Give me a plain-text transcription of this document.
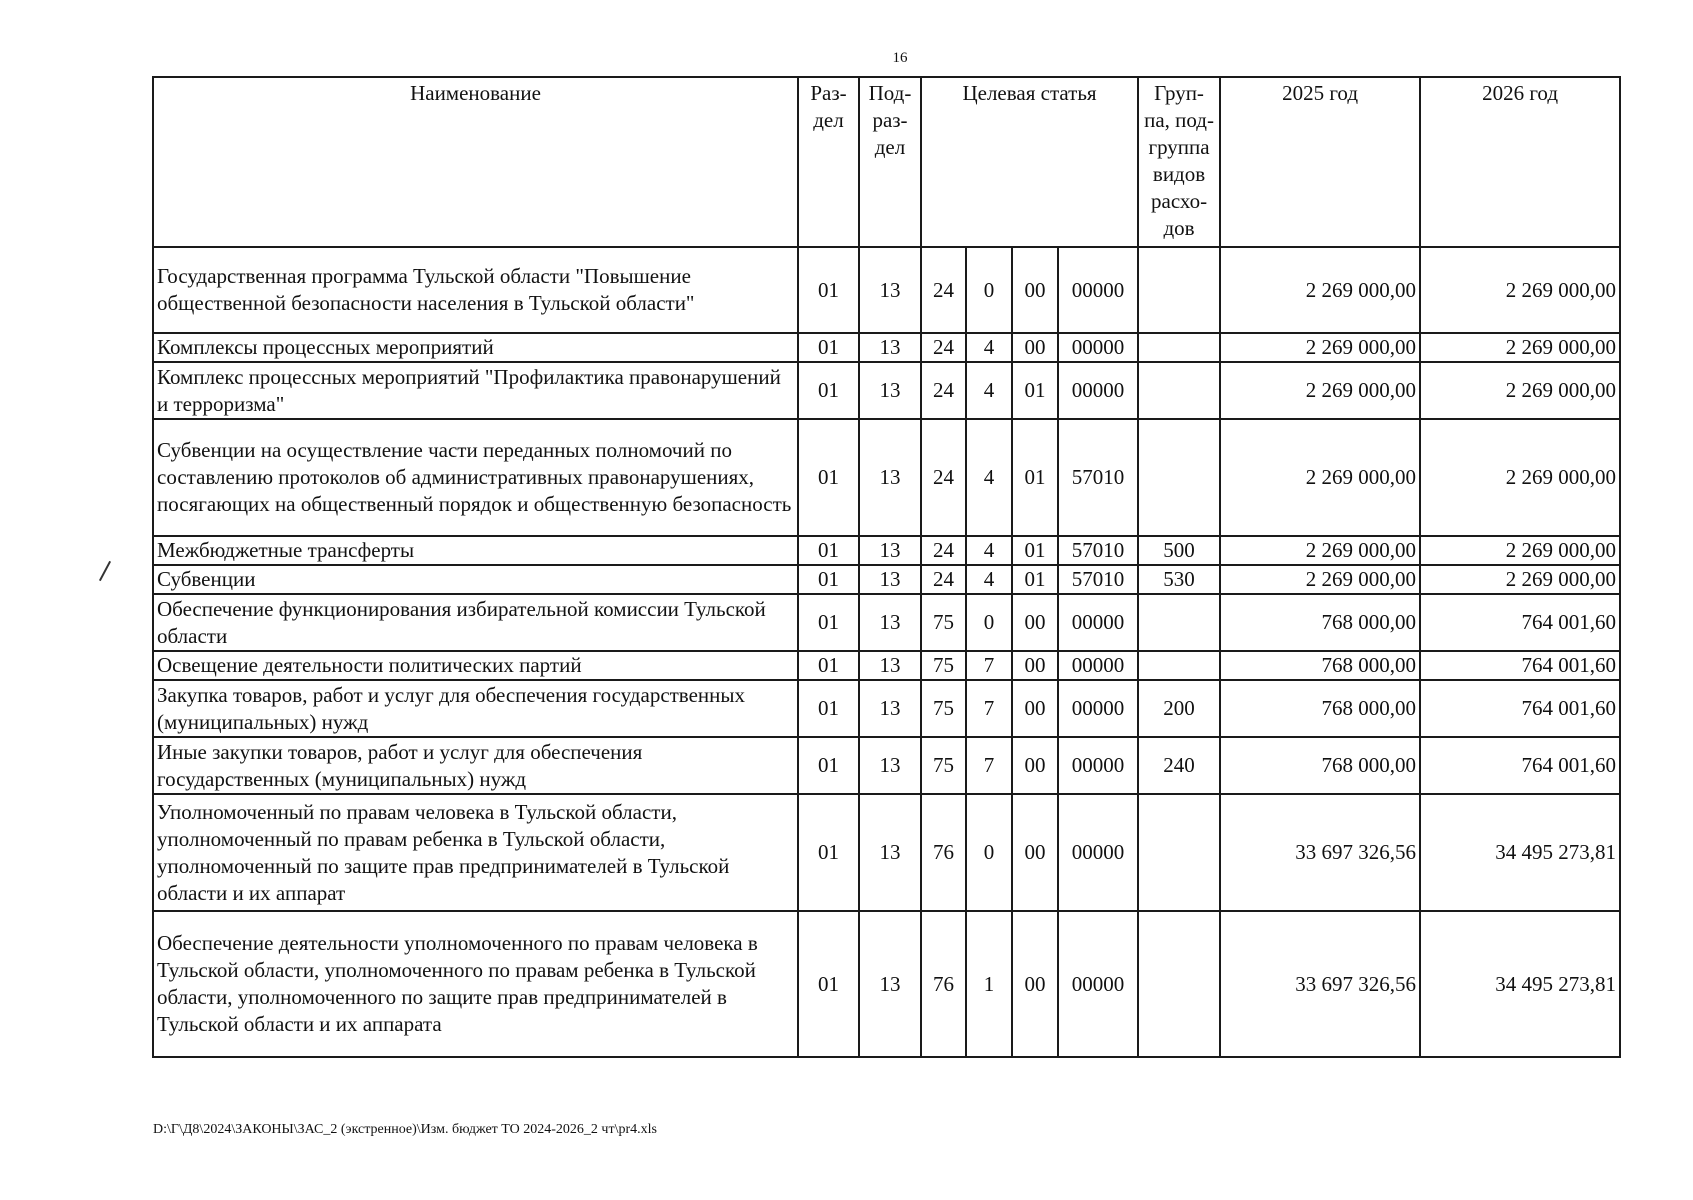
16
Наименование	Раз-дел	Под-раз-дел	Целевая статья				Груп-па, под-группа видов расхо-дов	2025 год	2026 год
Государственная программа Тульской области "Повышение общественной безопасности населения в Тульской области"	01	13	24	0	00	00000		2 269 000,00	2 269 000,00
Комплексы процессных мероприятий	01	13	24	4	00	00000		2 269 000,00	2 269 000,00
Комплекс процессных мероприятий "Профилактика правонарушений и терроризма"	01	13	24	4	01	00000		2 269 000,00	2 269 000,00
Субвенции на осуществление части переданных полномочий по составлению протоколов об административных правонарушениях, посягающих на общественный порядок и общественную безопасность	01	13	24	4	01	57010		2 269 000,00	2 269 000,00
Межбюджетные трансферты	01	13	24	4	01	57010	500	2 269 000,00	2 269 000,00
Субвенции	01	13	24	4	01	57010	530	2 269 000,00	2 269 000,00
Обеспечение функционирования избирательной комиссии Тульской области	01	13	75	0	00	00000		768 000,00	764 001,60
Освещение деятельности политических партий	01	13	75	7	00	00000		768 000,00	764 001,60
Закупка товаров, работ и услуг для обеспечения государственных (муниципальных) нужд	01	13	75	7	00	00000	200	768 000,00	764 001,60
Иные закупки товаров, работ и услуг для обеспечения государственных (муниципальных) нужд	01	13	75	7	00	00000	240	768 000,00	764 001,60
Уполномоченный по правам человека в Тульской области, уполномоченный по правам ребенка в Тульской области, уполномоченный по защите прав предпринимателей в Тульской области и их аппарат	01	13	76	0	00	00000		33 697 326,56	34 495 273,81
Обеспечение деятельности уполномоченного по правам человека в Тульской области, уполномоченного по правам ребенка в Тульской области, уполномоченного по защите прав предпринимателей в Тульской области и их аппарата	01	13	76	1	00	00000		33 697 326,56	34 495 273,81
D:\Г\Д8\2024\ЗАКОНЫ\ЗАС_2 (экстренное)\Изм. бюджет ТО 2024-2026_2 чт\pr4.xls
